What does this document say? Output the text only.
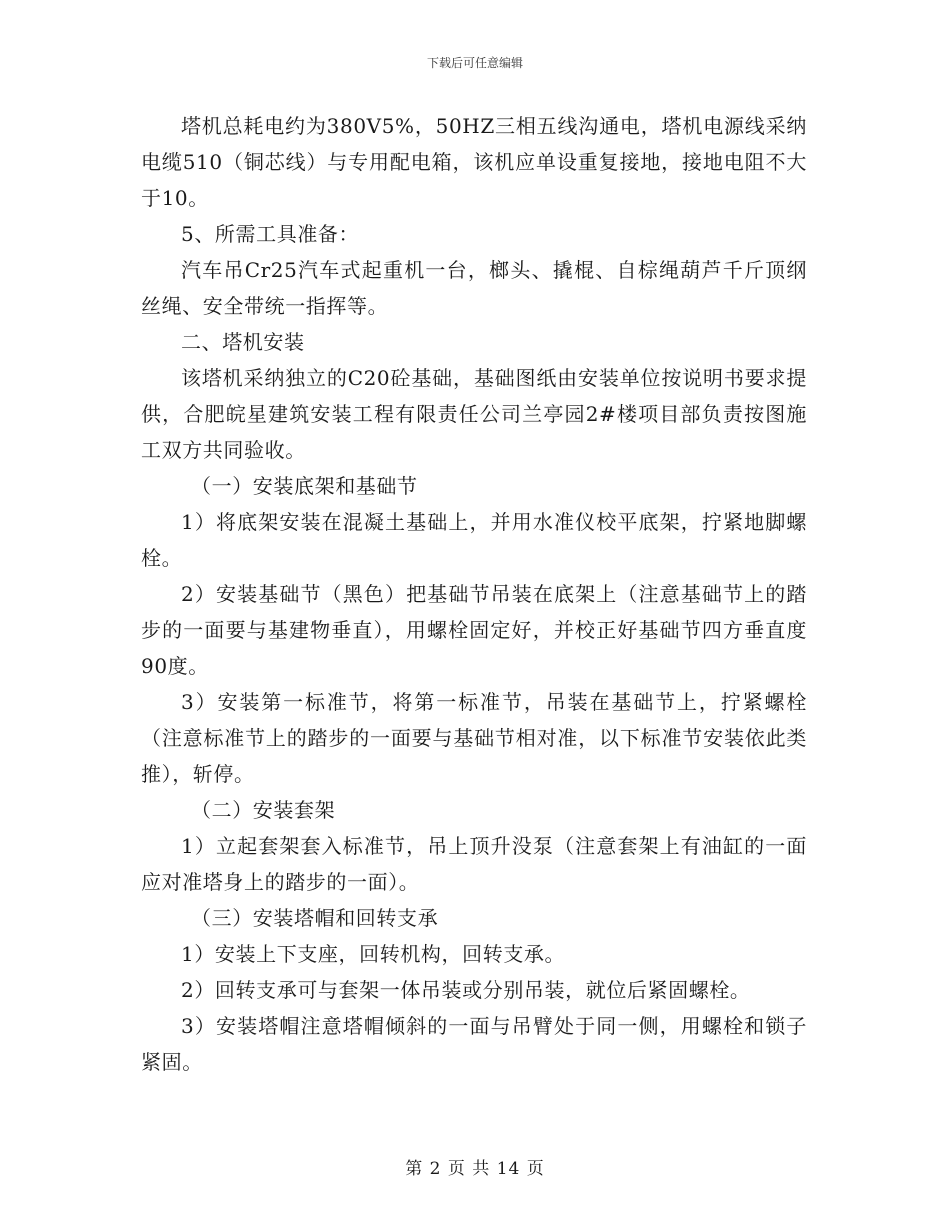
下载后可任意编辑

塔机总耗电约为380V5%，50HZ三相五线沟通电，塔机电源线采纳电缆510（铜芯线）与专用配电箱，该机应单设重复接地，接地电阻不大于10。

5、所需工具准备：

汽车吊Cr25汽车式起重机一台，榔头、撬棍、自棕绳葫芦千斤顶纲丝绳、安全带统一指挥等。

二、塔机安装

该塔机采纳独立的C20砼基础，基础图纸由安装单位按说明书要求提供，合肥皖星建筑安装工程有限责任公司兰亭园2#楼项目部负责按图施工双方共同验收。

（一）安装底架和基础节

1）将底架安装在混凝土基础上，并用水准仪校平底架，拧紧地脚螺栓。

2）安装基础节（黑色）把基础节吊装在底架上（注意基础节上的踏步的一面要与基建物垂直），用螺栓固定好，并校正好基础节四方垂直度90度。

3）安装第一标准节，将第一标准节，吊装在基础节上，拧紧螺栓（注意标准节上的踏步的一面要与基础节相对准，以下标准节安装依此类推），斩停。

（二）安装套架

1）立起套架套入标准节，吊上顶升没泵（注意套架上有油缸的一面应对准塔身上的踏步的一面）。

（三）安装塔帽和回转支承

1）安装上下支座，回转机构，回转支承。

2）回转支承可与套架一体吊装或分别吊装，就位后紧固螺栓。

3）安装塔帽注意塔帽倾斜的一面与吊臂处于同一侧，用螺栓和锁子紧固。

第 2 页 共 14 页
